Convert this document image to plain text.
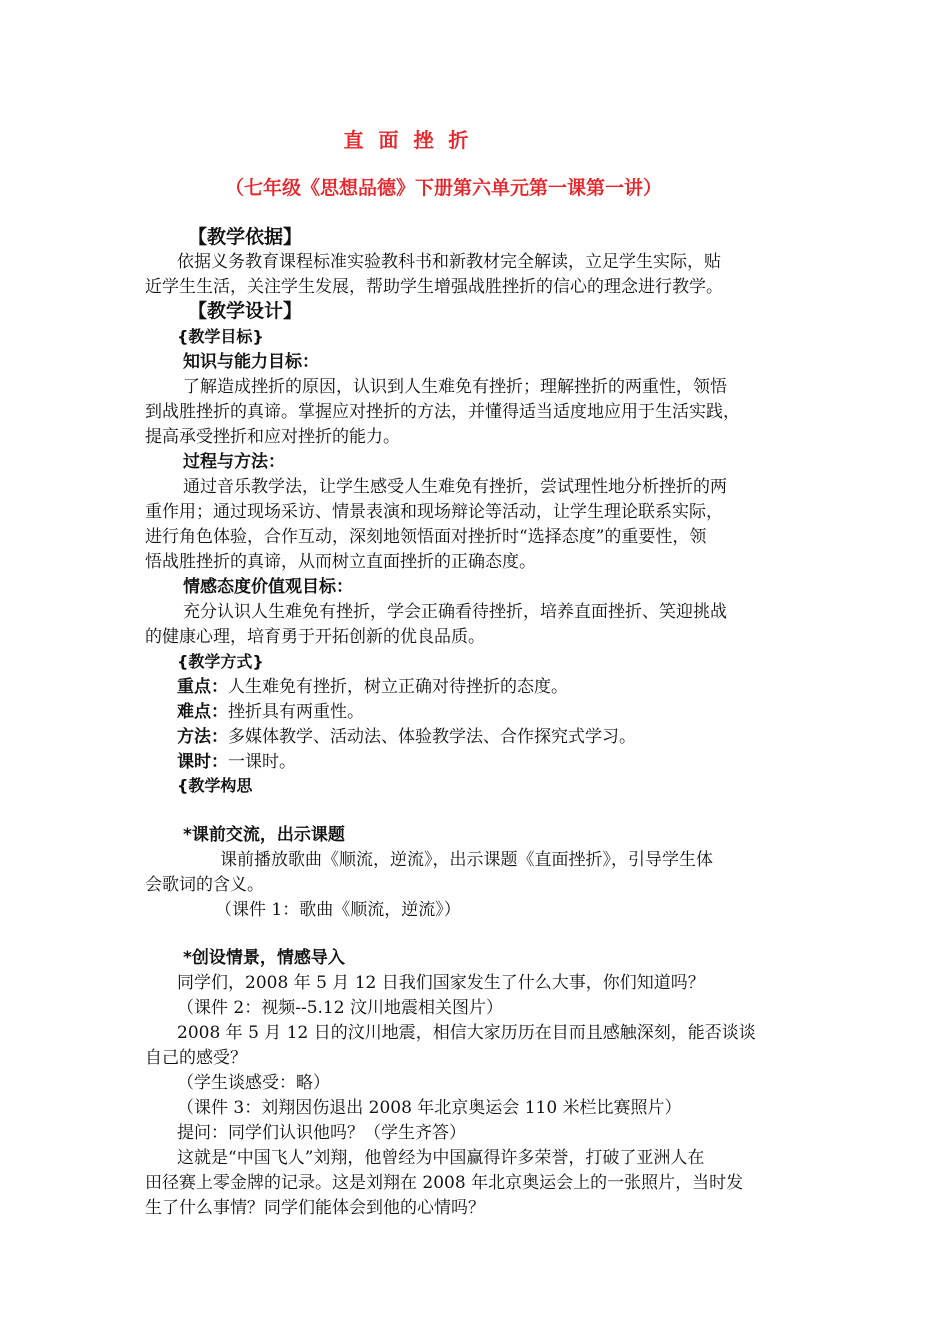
直 面 挫 折
（七年级《思想品德》下册第六单元第一课第一讲）
【教学依据】
依据义务教育课程标准实验教科书和新教材完全解读，立足学生实际，贴
近学生生活，关注学生发展，帮助学生增强战胜挫折的信心的理念进行教学。
【教学设计】
{教学目标}
知识与能力目标：
了解造成挫折的原因，认识到人生难免有挫折；理解挫折的两重性，领悟
到战胜挫折的真谛。掌握应对挫折的方法，并懂得适当适度地应用于生活实践，
提高承受挫折和应对挫折的能力。
过程与方法：
通过音乐教学法，让学生感受人生难免有挫折，尝试理性地分析挫折的两
重作用；通过现场采访、情景表演和现场辩论等活动，让学生理论联系实际，
进行角色体验，合作互动，深刻地领悟面对挫折时“选择态度”的重要性，领
悟战胜挫折的真谛，从而树立直面挫折的正确态度。
情感态度价值观目标：
充分认识人生难免有挫折，学会正确看待挫折，培养直面挫折、笑迎挑战
的健康心理，培育勇于开拓创新的优良品质。
{教学方式}
重点：人生难免有挫折，树立正确对待挫折的态度。
难点：挫折具有两重性。
方法：多媒体教学、活动法、体验教学法、合作探究式学习。
课时：一课时。
{教学构思
*课前交流，出示课题
课前播放歌曲《顺流，逆流》，出示课题《直面挫折》，引导学生体
会歌词的含义。
（课件 1：歌曲《顺流，逆流》）
*创设情景，情感导入
同学们，2008 年 5 月 12 日我们国家发生了什么大事，你们知道吗？
（课件 2：视频--5.12 汶川地震相关图片）
2008 年 5 月 12 日的汶川地震，相信大家历历在目而且感触深刻，能否谈谈
自己的感受？
（学生谈感受：略）
（课件 3：刘翔因伤退出 2008 年北京奥运会 110 米栏比赛照片）
提问：同学们认识他吗？（学生齐答）
这就是“中国飞人”刘翔，他曾经为中国赢得许多荣誉，打破了亚洲人在
田径赛上零金牌的记录。这是刘翔在 2008 年北京奥运会上的一张照片，当时发
生了什么事情？同学们能体会到他的心情吗？
